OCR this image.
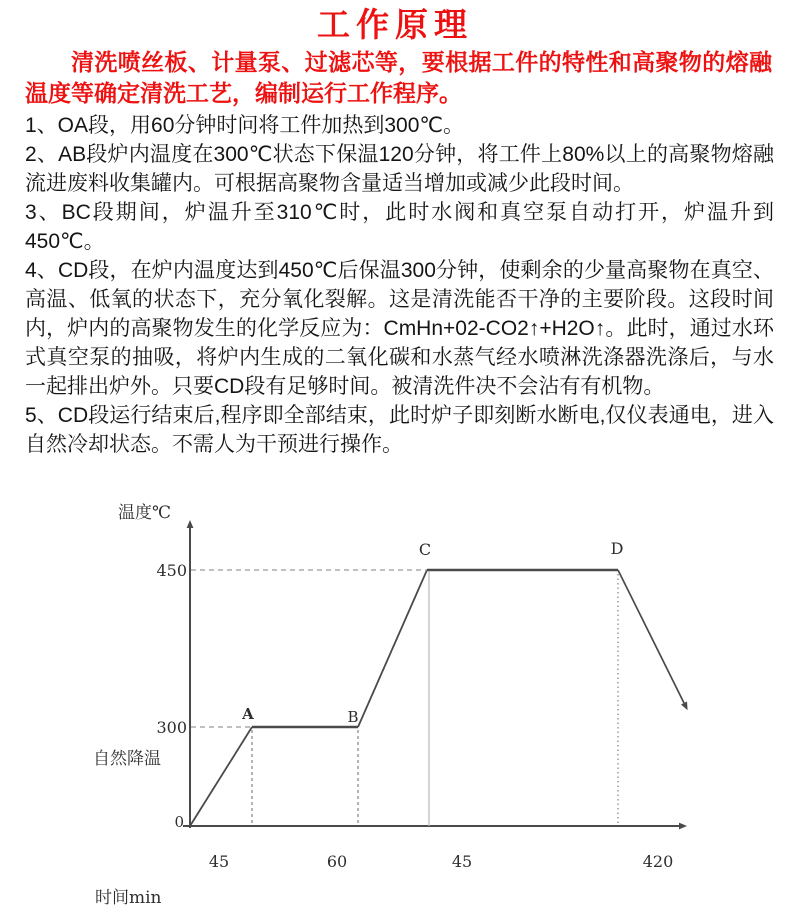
工作原理

清洗喷丝板、计量泵、过滤芯等，要根据工件的特性和高聚物的熔融温度等确定清洗工艺，编制运行工作程序。

1、OA段，用60分钟时问将工件加热到300℃。

2、AB段炉内温度在300℃状态下保温120分钟，将工件上80%以上的高聚物熔融流进废料收集罐内。可根据高聚物含量适当增加或减少此段时间。

3、BC段期间，炉温升至310℃时，此时水阀和真空泵自动打开，炉温升到450℃。

4、CD段，在炉内温度达到450℃后保温300分钟，使剩余的少量高聚物在真空、高温、低氧的状态下，充分氧化裂解。这是清洗能否干净的主要阶段。这段时间内，炉内的高聚物发生的化学反应为：CmHn+02-CO2↑+H2O↑。此时，通过水环式真空泵的抽吸，将炉内生成的二氧化碳和水蒸气经水喷淋洗涤器洗涤后，与水一起排出炉外。只要CD段有足够时间。被清洗件决不会沾有有机物。

5、CD段运行结束后,程序即全部结束，此时炉子即刻断水断电,仅仪表通电，进入自然冷却状态。不需人为干预进行操作。

温度℃
450
300
0
自然降温
时间min
A	B
C	D
45	60	45	420
